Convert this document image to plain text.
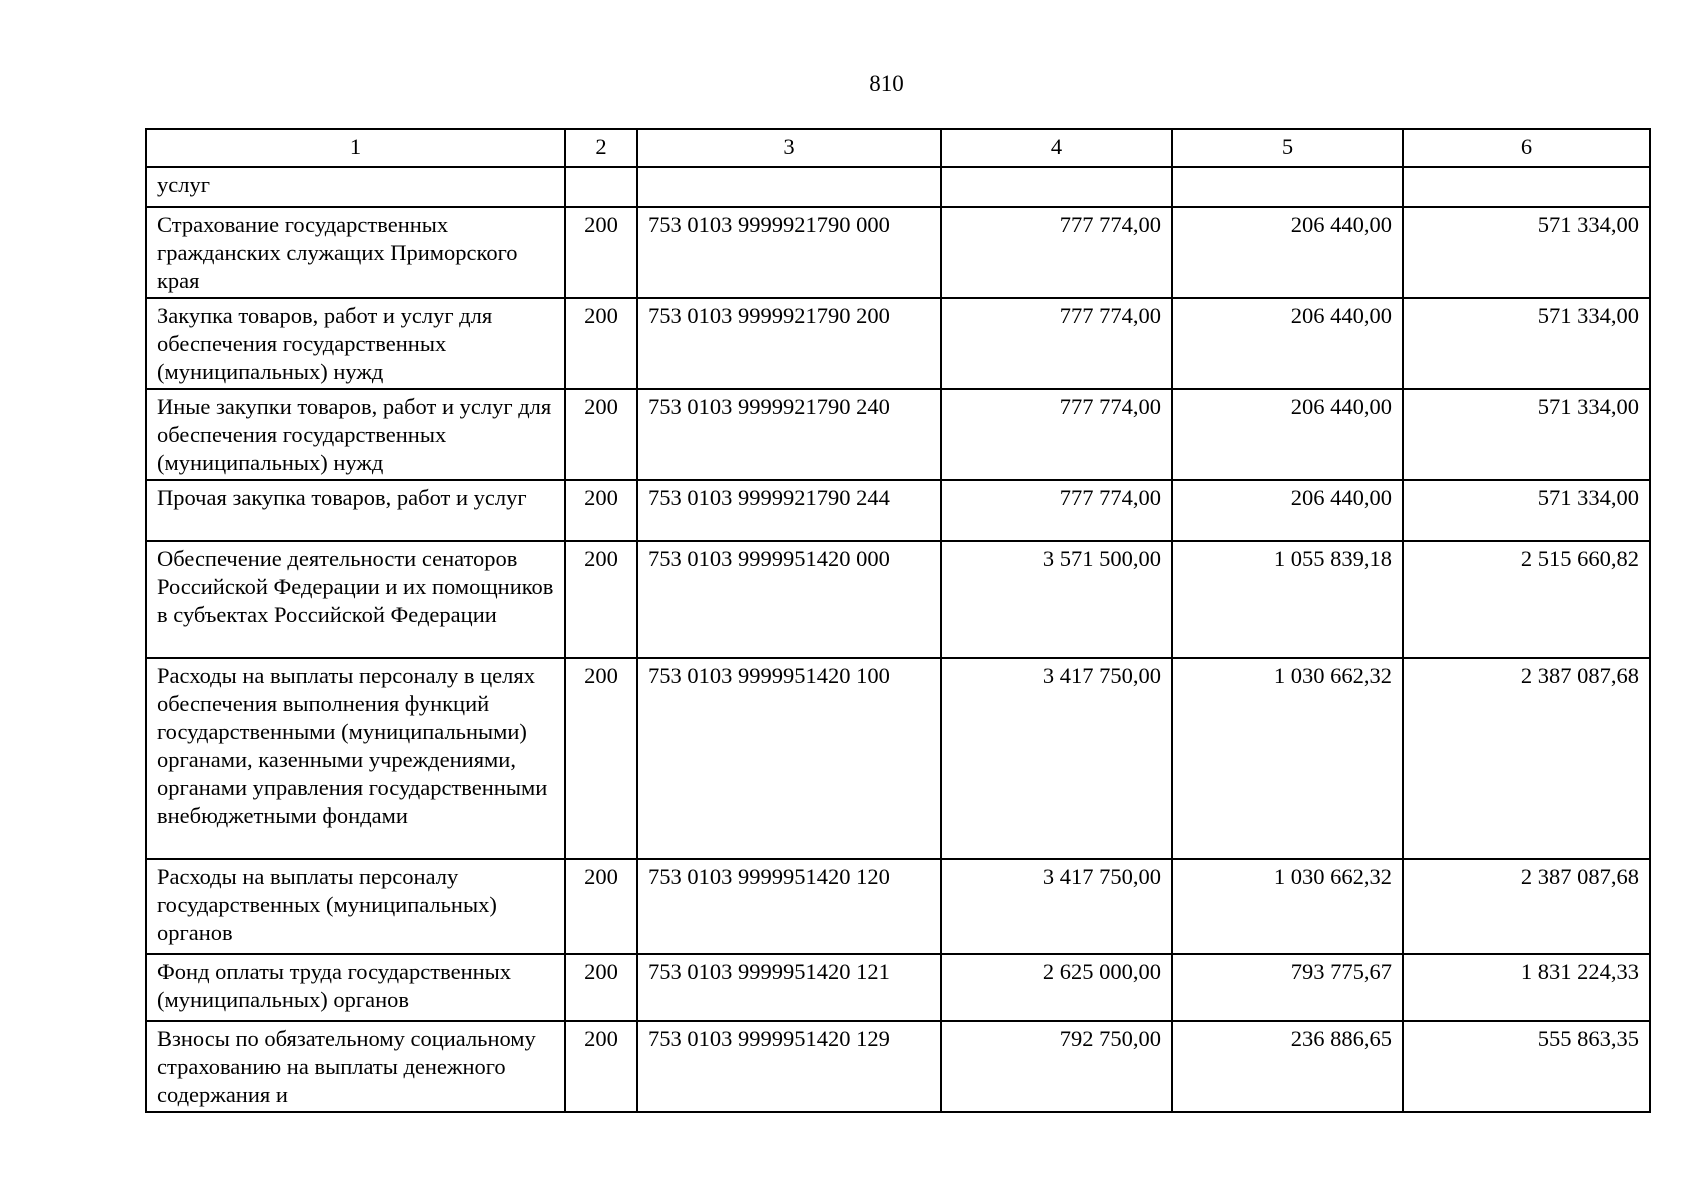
810
1	2	3	4	5	6
услуг					
Страхование государственных гражданских служащих Приморского края	200	753 0103 9999921790 000	777 774,00	206 440,00	571 334,00
Закупка товаров, работ и услуг для обеспечения государственных (муниципальных) нужд	200	753 0103 9999921790 200	777 774,00	206 440,00	571 334,00
Иные закупки товаров, работ и услуг для обеспечения государственных (муниципальных) нужд	200	753 0103 9999921790 240	777 774,00	206 440,00	571 334,00
Прочая закупка товаров, работ и услуг	200	753 0103 9999921790 244	777 774,00	206 440,00	571 334,00
Обеспечение деятельности сенаторов Российской Федерации и их помощников в субъектах Российской Федерации	200	753 0103 9999951420 000	3 571 500,00	1 055 839,18	2 515 660,82
Расходы на выплаты персоналу в целях обеспечения выполнения функций государственными (муниципальными) органами, казенными учреждениями, органами управления государственными внебюджетными фондами	200	753 0103 9999951420 100	3 417 750,00	1 030 662,32	2 387 087,68
Расходы на выплаты персоналу государственных (муниципальных) органов	200	753 0103 9999951420 120	3 417 750,00	1 030 662,32	2 387 087,68
Фонд оплаты труда государственных (муниципальных) органов	200	753 0103 9999951420 121	2 625 000,00	793 775,67	1 831 224,33
Взносы по обязательному социальному страхованию на выплаты денежного содержания и	200	753 0103 9999951420 129	792 750,00	236 886,65	555 863,35
